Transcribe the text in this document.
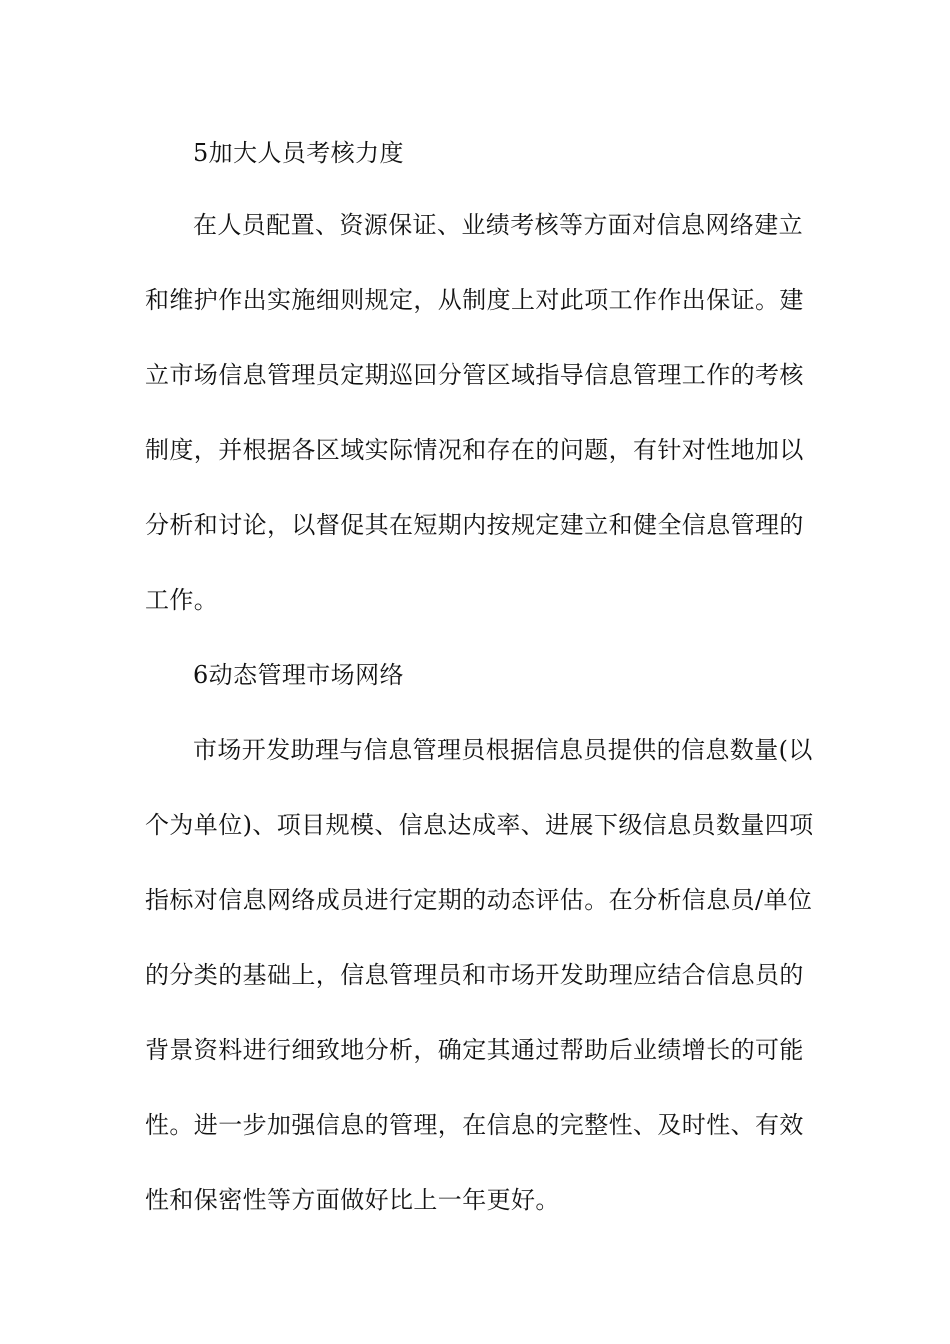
5加大人员考核力度
在人员配置、资源保证、业绩考核等方面对信息网络建立
和维护作出实施细则规定，从制度上对此项工作作出保证。建
立市场信息管理员定期巡回分管区域指导信息管理工作的考核
制度，并根据各区域实际情况和存在的问题，有针对性地加以
分析和讨论，以督促其在短期内按规定建立和健全信息管理的
工作。
6动态管理市场网络
市场开发助理与信息管理员根据信息员提供的信息数量(以
个为单位)、项目规模、信息达成率、进展下级信息员数量四项
指标对信息网络成员进行定期的动态评估。在分析信息员/单位
的分类的基础上，信息管理员和市场开发助理应结合信息员的
背景资料进行细致地分析，确定其通过帮助后业绩增长的可能
性。进一步加强信息的管理，在信息的完整性、及时性、有效
性和保密性等方面做好比上一年更好。
